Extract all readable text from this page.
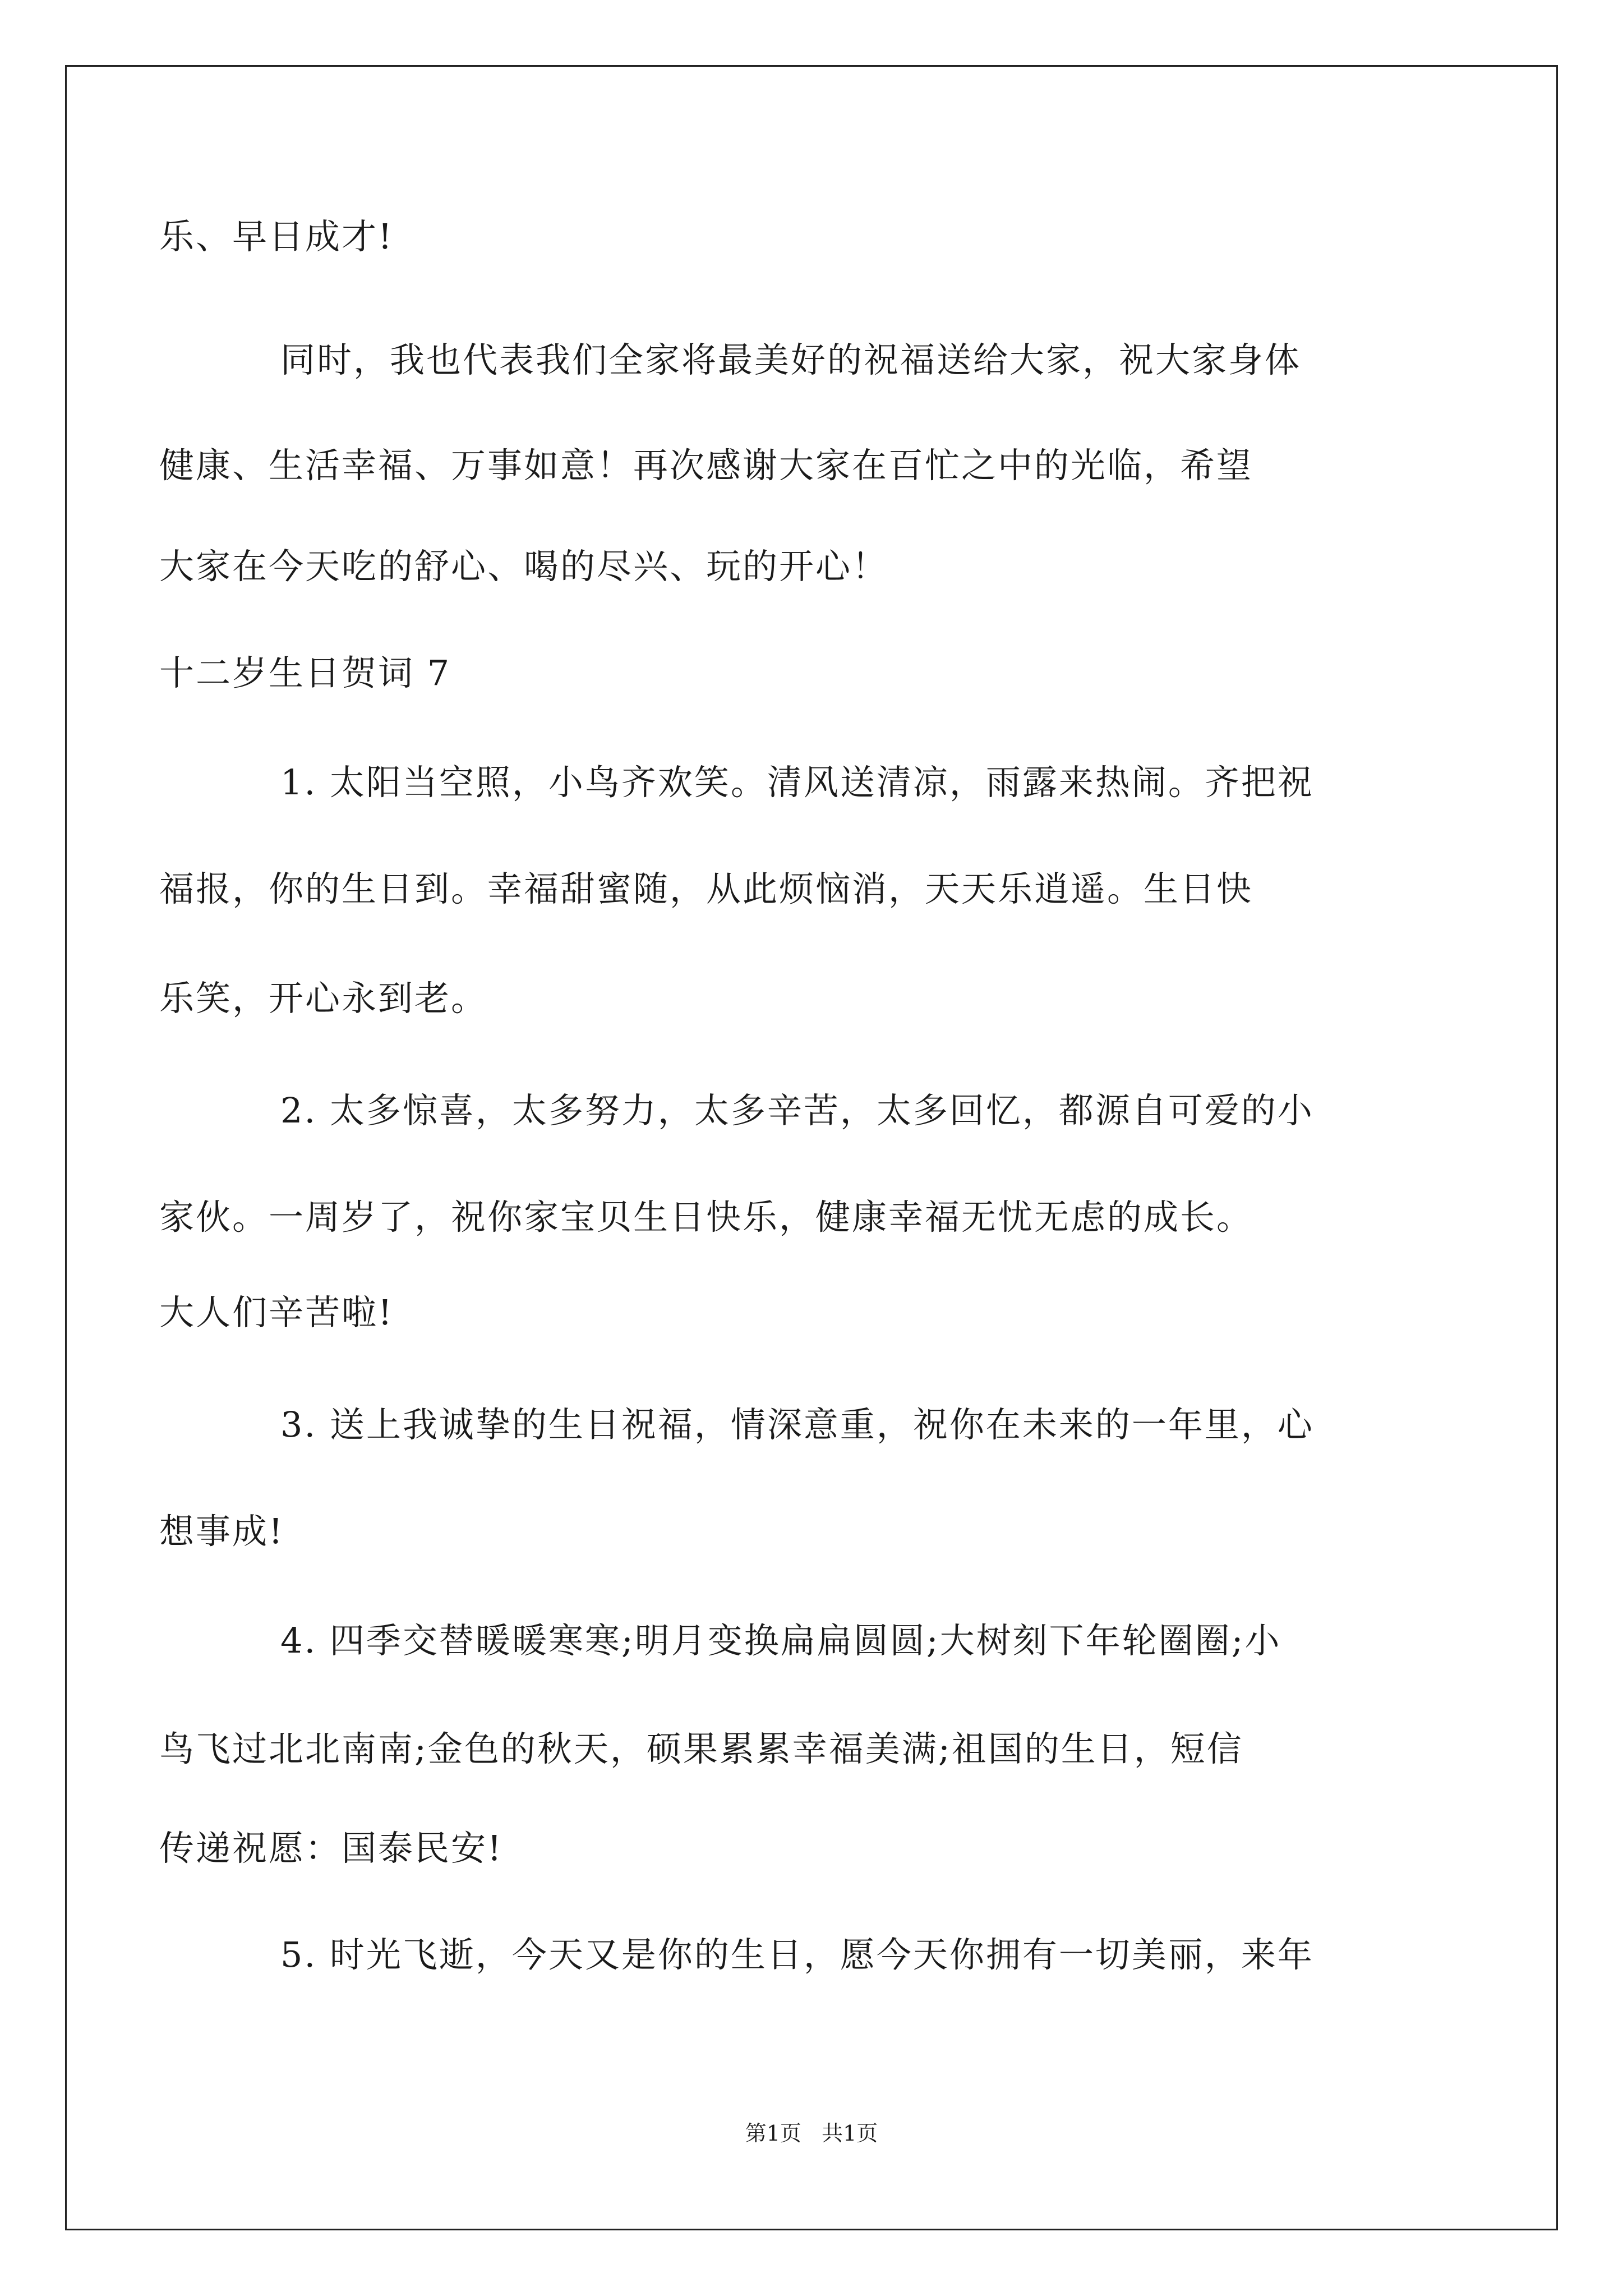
乐、早日成才!
同时，我也代表我们全家将最美好的祝福送给大家，祝大家身体
健康、生活幸福、万事如意！再次感谢大家在百忙之中的光临，希望
大家在今天吃的舒心、喝的尽兴、玩的开心！
十二岁生日贺词 7
1. 太阳当空照，小鸟齐欢笑。清风送清凉，雨露来热闹。齐把祝
福报，你的生日到。幸福甜蜜随，从此烦恼消，天天乐逍遥。生日快
乐笑，开心永到老。
2. 太多惊喜，太多努力，太多辛苦，太多回忆，都源自可爱的小
家伙。一周岁了，祝你家宝贝生日快乐，健康幸福无忧无虑的成长。
大人们辛苦啦!
3. 送上我诚挚的生日祝福，情深意重，祝你在未来的一年里，心
想事成!
4. 四季交替暖暖寒寒;明月变换扁扁圆圆;大树刻下年轮圈圈;小
鸟飞过北北南南;金色的秋天，硕果累累幸福美满;祖国的生日，短信
传递祝愿：国泰民安!
5. 时光飞逝，今天又是你的生日，愿今天你拥有一切美丽，来年
第1页   共1页
